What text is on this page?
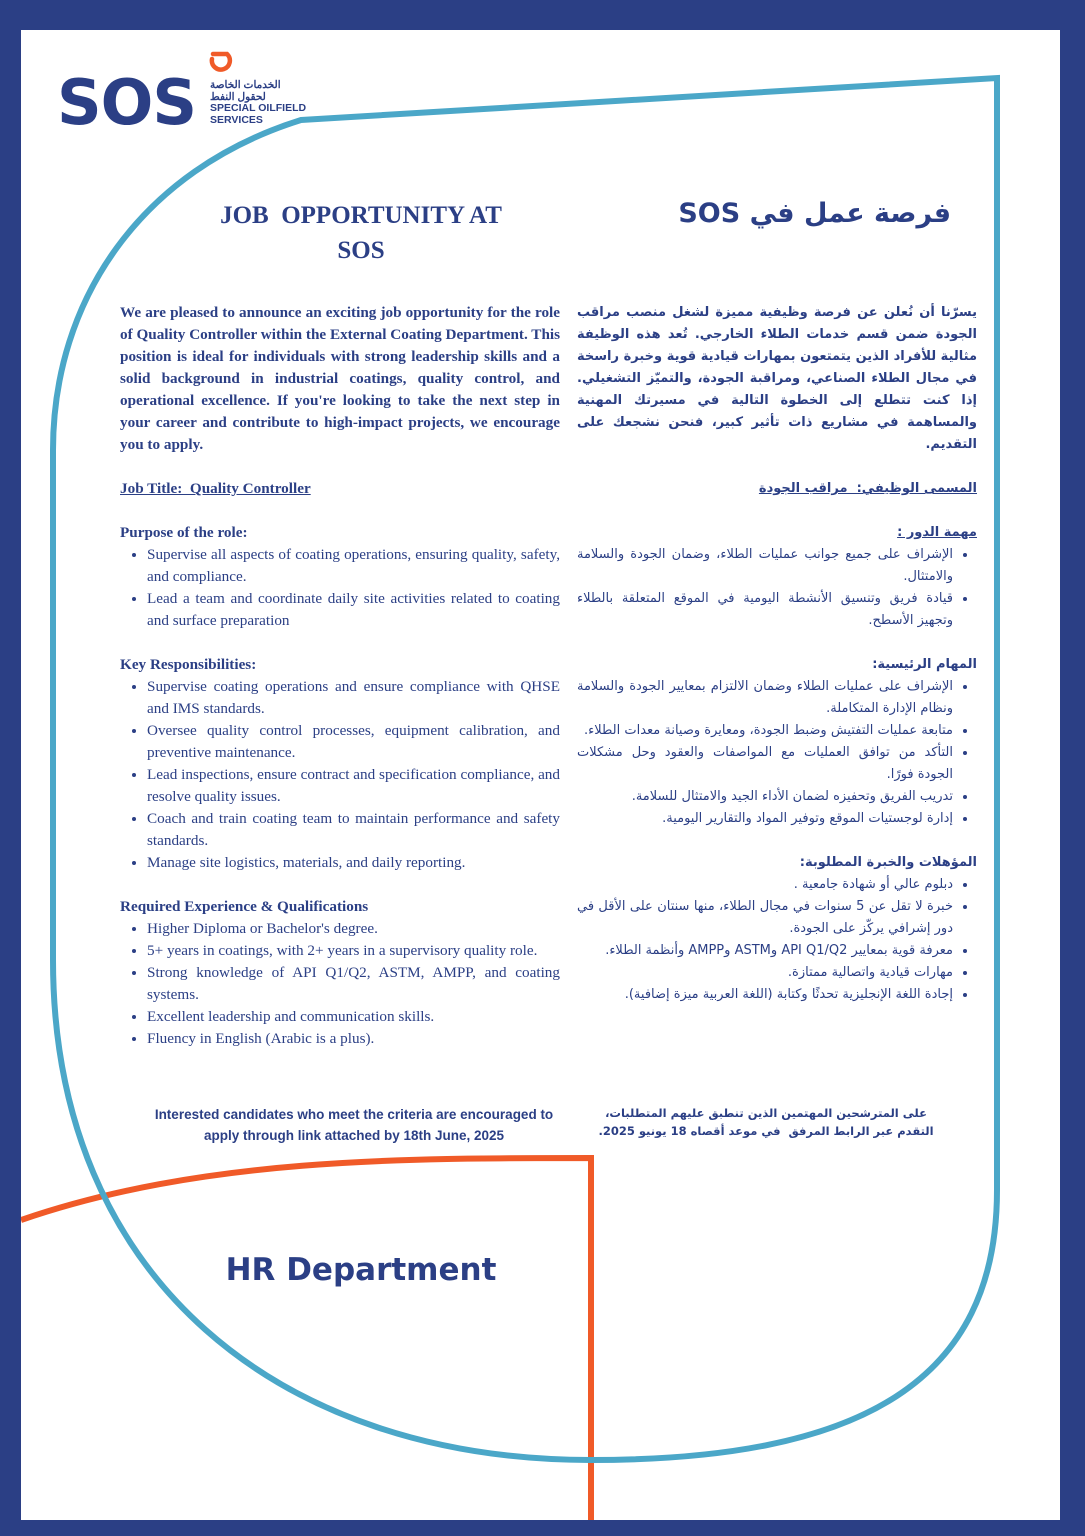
SOS الخدمات الخاصة
لحقول النفط
SPECIAL OILFIELD
SERVICES
JOB  OPPORTUNITY AT
SOS
فرصة عمل في SOS

We are pleased to announce an exciting job opportunity for the role of Quality Controller within the External Coating Department. This position is ideal for individuals with strong leadership skills and a solid background in industrial coatings, quality control, and operational excellence. If you're looking to take the next step in your career and contribute to high-impact projects, we encourage you to apply.

Job Title:  Quality Controller
Purpose of the role:
• Supervise all aspects of coating operations, ensuring quality, safety, and compliance.
• Lead a team and coordinate daily site activities related to coating and surface preparation
Key Responsibilities:
• Supervise coating operations and ensure compliance with QHSE and IMS standards.
• Oversee quality control processes, equipment calibration, and preventive maintenance.
• Lead inspections, ensure contract and specification compliance, and resolve quality issues.
• Coach and train coating team to maintain performance and safety standards.
• Manage site logistics, materials, and daily reporting.
Required Experience & Qualifications
• Higher Diploma or Bachelor's degree.
• 5+ years in coatings, with 2+ years in a supervisory quality role.
• Strong knowledge of API Q1/Q2, ASTM, AMPP, and coating systems.
• Excellent leadership and communication skills.
• Fluency in English (Arabic is a plus).

يسرّنا أن نُعلن عن فرصة وظيفية مميزة لشغل منصب مراقب الجودة ضمن قسم خدمات الطلاء الخارجي. تُعد هذه الوظيفة مثالية للأفراد الذين يتمتعون بمهارات قيادية قوية وخبرة راسخة في مجال الطلاء الصناعي، ومراقبة الجودة، والتميّز التشغيلي. إذا كنت تتطلع إلى الخطوة التالية في مسيرتك المهنية والمساهمة في مشاريع ذات تأثير كبير، فنحن نشجعك على التقديم.

المسمى الوظيفي:  مراقب الجودة
مهمة الدور :
• الإشراف على جميع جوانب عمليات الطلاء، وضمان الجودة والسلامة والامتثال.
• قيادة فريق وتنسيق الأنشطة اليومية في الموقع المتعلقة بالطلاء وتجهيز الأسطح.
المهام الرئيسية:
• الإشراف على عمليات الطلاء وضمان الالتزام بمعايير الجودة والسلامة ونظام الإدارة المتكاملة.
• متابعة عمليات التفتيش وضبط الجودة، ومعايرة وصيانة معدات الطلاء.
• التأكد من توافق العمليات مع المواصفات والعقود وحل مشكلات الجودة فورًا.
• تدريب الفريق وتحفيزه لضمان الأداء الجيد والامتثال للسلامة.
• إدارة لوجستيات الموقع وتوفير المواد والتقارير اليومية.
المؤهلات والخبرة المطلوبة:
• دبلوم عالي أو شهادة جامعية .
• خبرة لا تقل عن 5 سنوات في مجال الطلاء، منها سنتان على الأقل في دور إشرافي يركّز على الجودة.
• معرفة قوية بمعايير API Q1/Q2 وASTM وAMPP وأنظمة الطلاء.
• مهارات قيادية واتصالية ممتازة.
• إجادة اللغة الإنجليزية تحدثًا وكتابة (اللغة العربية ميزة إضافية).
Interested candidates who meet the criteria are encouraged to
apply through link attached by 18th June, 2025
على المترشحين المهتمين الذين تنطبق عليهم المتطلبات،
التقدم عبر الرابط المرفق  في موعد أقصاه 18 يونيو 2025.
HR Department
